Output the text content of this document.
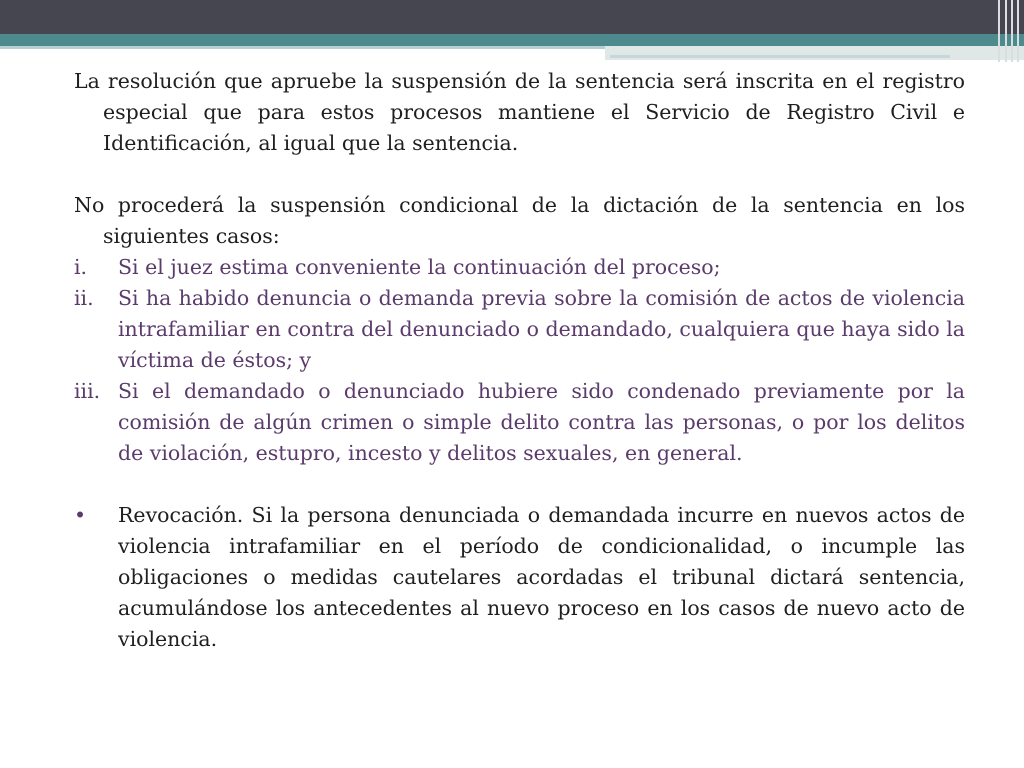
La resolución que apruebe la suspensión de la sentencia será inscrita en el registro especial que para estos procesos mantiene el Servicio de Registro Civil e Identificación, al igual que la sentencia.

No procederá la suspensión condicional de la dictación de la sentencia en los siguientes casos:

i. Si el juez estima conveniente la continuación del proceso;
ii. Si ha habido denuncia o demanda previa sobre la comisión de actos de violencia intrafamiliar en contra del denunciado o demandado, cualquiera que haya sido la víctima de éstos; y
iii. Si el demandado o denunciado hubiere sido condenado previamente por la comisión de algún crimen o simple delito contra las personas, o por los delitos de violación, estupro, incesto y delitos sexuales, en general.
• Revocación. Si la persona denunciada o demandada incurre en nuevos actos de violencia intrafamiliar en el período de condicionalidad, o incumple las obligaciones o medidas cautelares acordadas el tribunal dictará sentencia, acumulándose los antecedentes al nuevo proceso en los casos de nuevo acto de violencia.
